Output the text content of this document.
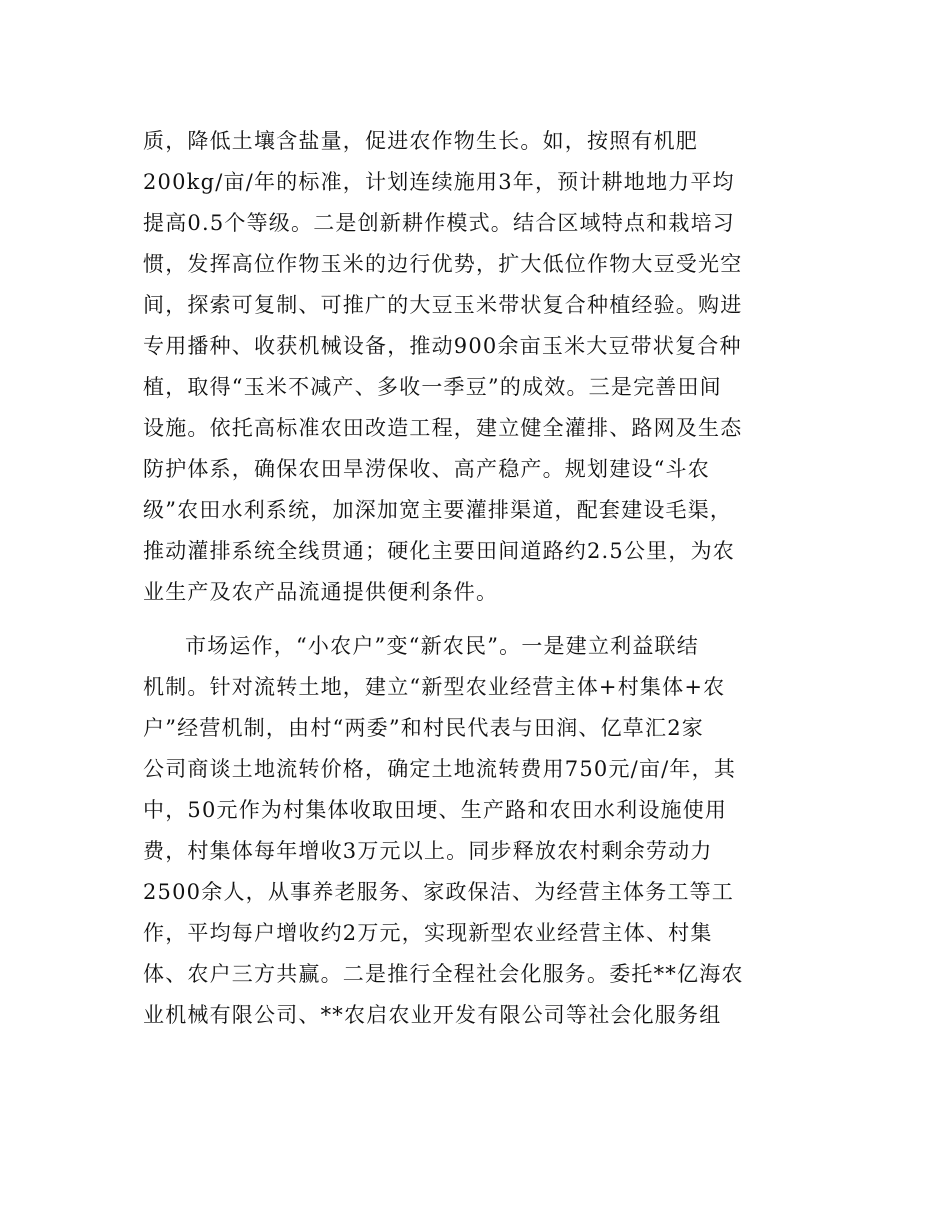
质，降低土壤含盐量，促进农作物生长。如，按照有机肥
200kg/亩/年的标准，计划连续施用3年，预计耕地地力平均
提高0.5个等级。二是创新耕作模式。结合区域特点和栽培习
惯，发挥高位作物玉米的边行优势，扩大低位作物大豆受光空
间，探索可复制、可推广的大豆玉米带状复合种植经验。购进
专用播种、收获机械设备，推动900余亩玉米大豆带状复合种
植，取得“玉米不减产、多收一季豆”的成效。三是完善田间
设施。依托高标准农田改造工程，建立健全灌排、路网及生态
防护体系，确保农田旱涝保收、高产稳产。规划建设“斗农
级”农田水利系统，加深加宽主要灌排渠道，配套建设毛渠，
推动灌排系统全线贯通；硬化主要田间道路约2.5公里，为农
业生产及农产品流通提供便利条件。
市场运作，“小农户”变“新农民”。一是建立利益联结
机制。针对流转土地，建立“新型农业经营主体+村集体+农
户”经营机制，由村“两委”和村民代表与田润、亿草汇2家
公司商谈土地流转价格，确定土地流转费用750元/亩/年，其
中，50元作为村集体收取田埂、生产路和农田水利设施使用
费，村集体每年增收3万元以上。同步释放农村剩余劳动力
2500余人，从事养老服务、家政保洁、为经营主体务工等工
作，平均每户增收约2万元，实现新型农业经营主体、村集
体、农户三方共赢。二是推行全程社会化服务。委托**亿海农
业机械有限公司、**农启农业开发有限公司等社会化服务组
